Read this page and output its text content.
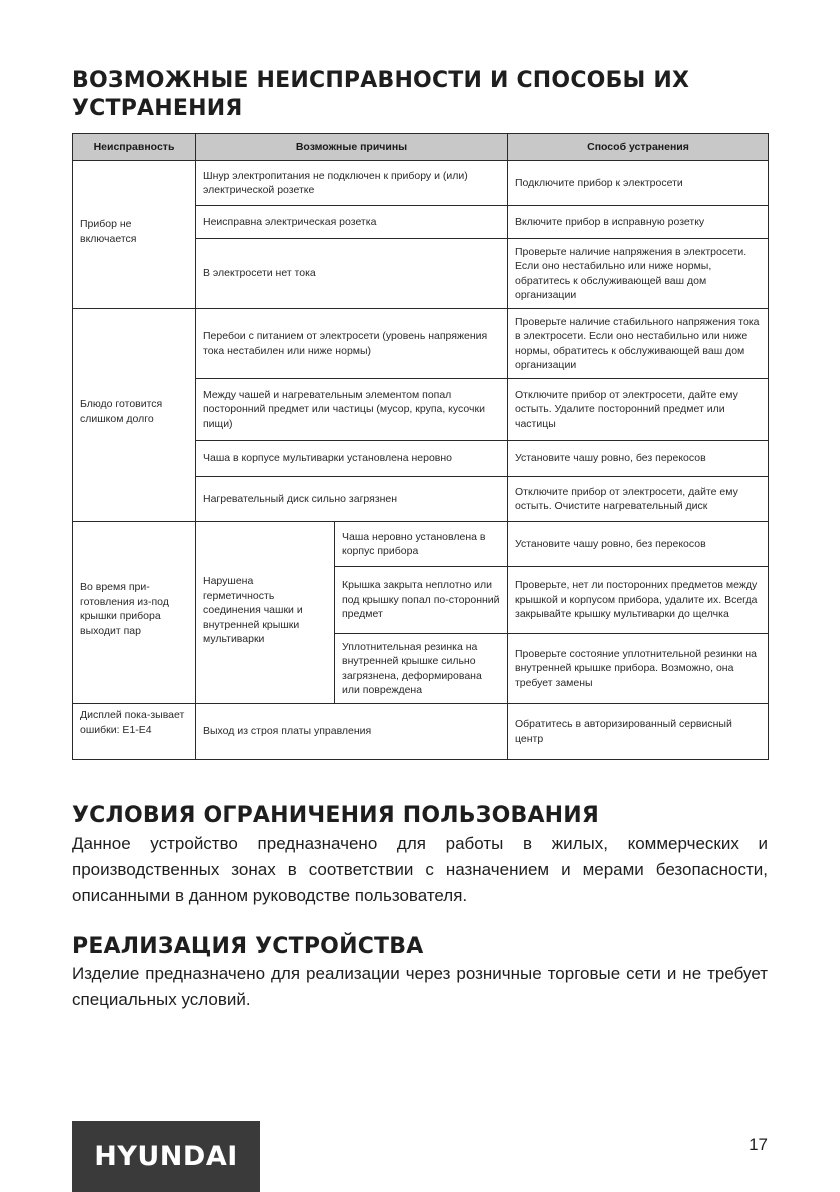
ВОЗМОЖНЫЕ НЕИСПРАВНОСТИ И СПОСОБЫ ИХ УСТРАНЕНИЯ
Неисправность	Возможные причины		Способ устранения
Прибор не включается	Шнур электропитания не подключен к прибору и (или) электрической розетке		Подключите прибор к электросети
	Неисправна электрическая розетка		Включите прибор в исправную розетку
	В электросети нет тока		Проверьте наличие напряжения в электросети. Если оно нестабильно или ниже нормы, обратитесь к обслуживающей ваш дом организации
Блюдо готовится слишком долго	Перебои с питанием от электросети (уровень напряжения тока нестабилен или ниже нормы)		Проверьте наличие стабильного напряжения тока в электросети. Если оно нестабильно или ниже нормы, обратитесь к обслуживающей ваш дом организации
	Между чашей и нагревательным элементом попал посторонний предмет или частицы (мусор, крупа, кусочки пищи)		Отключите прибор от электросети, дайте ему остыть. Удалите посторонний предмет или частицы
	Чаша в корпусе мультиварки установлена неровно		Установите чашу ровно, без перекосов
	Нагревательный диск сильно загрязнен		Отключите прибор от электросети, дайте ему остыть. Очистите нагревательный диск
Во время при-готовления из-под крышки прибора выходит пар	Нарушена герметичность соединения чашки и внутренней крышки мультиварки	Чаша неровно установлена в корпус прибора	Установите чашу ровно, без перекосов
		Крышка закрыта неплотно или под крышку попал по-сторонний предмет	Проверьте, нет ли посторонних предметов между крышкой и корпусом прибора, удалите их. Всегда закрывайте крышку мультиварки до щелчка
		Уплотнительная резинка на внутренней крышке сильно загрязнена, деформирована или повреждена	Проверьте состояние уплотнительной резинки на внутренней крышке прибора. Возможно, она требует замены
Дисплей пока-зывает ошибки: E1-E4	Выход из строя платы управления		Обратитесь в авторизированный сервисный центр
УСЛОВИЯ ОГРАНИЧЕНИЯ ПОЛЬЗОВАНИЯ

Данное устройство предназначено для работы в жилых, коммерческих и производственных зонах в соответствии с назначением и мерами безопасности, описанными в данном руководстве пользователя.

РЕАЛИЗАЦИЯ УСТРОЙСТВА

Изделие предназначено для реализации через розничные торговые сети и не требует специальных условий.

HYUNDAI	17
